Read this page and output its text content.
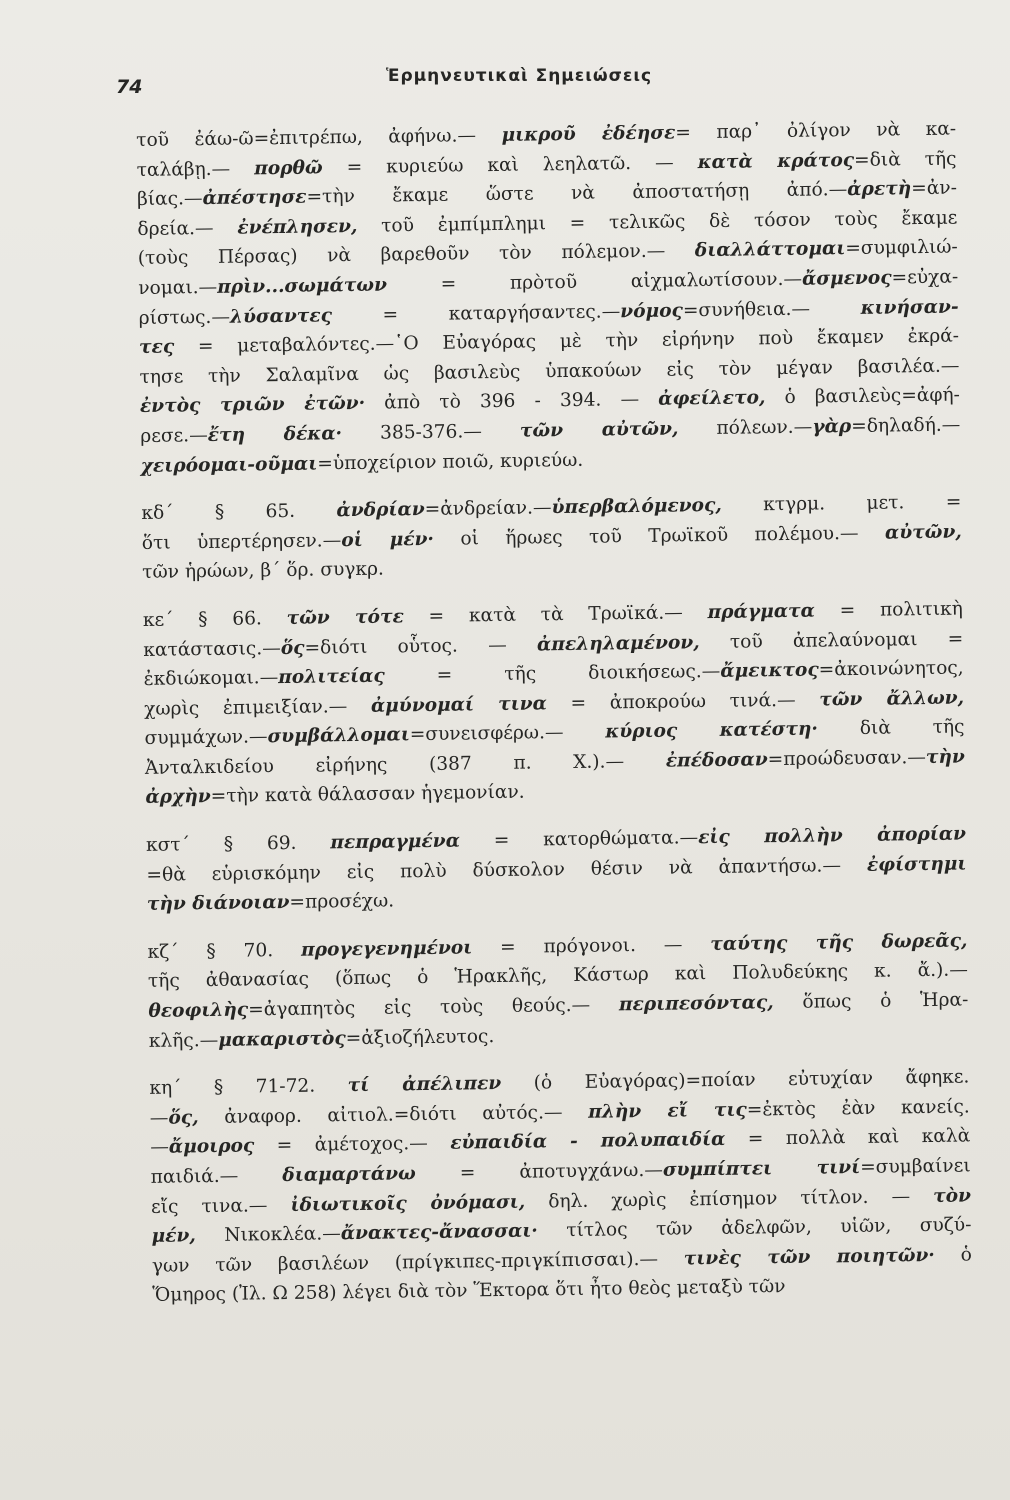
74	Ἑρμηνευτικαὶ Σημειώσεις
τοῦ ἐάω-ῶ=ἐπιτρέπω, ἀφήνω.— μικροῦ ἐδέησε= παρ᾽ ὀλίγον νὰ κα-
ταλάβῃ.— πορθῶ = κυριεύω καὶ λεηλατῶ. — κατὰ κράτος=διὰ τῆς
βίας.—ἀπέστησε=τὴν ἔκαμε ὥστε νὰ ἀποστατήσῃ ἀπό.—ἀρετὴ=ἀν-
δρεία.— ἐνέπλησεν, τοῦ ἐμπίμπλημι = τελικῶς δὲ τόσον τοὺς ἔκαμε
(τοὺς Πέρσας) νὰ βαρεθοῦν τὸν πόλεμον.— διαλλάττομαι=συμφιλιώ-
νομαι.—πρὶν...σωμάτων = πρὸτοῦ αἰχμαλωτίσουν.—ἄσμενος=εὐχα-
ρίστως.—λύσαντες = καταργήσαντες.—νόμος=συνήθεια.— κινήσαν-
τες = μεταβαλόντες.—῾Ο Εὐαγόρας μὲ τὴν εἰρήνην ποὺ ἔκαμεν ἐκρά-
τησε τὴν Σαλαμῖνα ὡς βασιλεὺς ὑπακούων εἰς τὸν μέγαν βασιλέα.—
ἐντὸς τριῶν ἐτῶν· ἀπὸ τὸ 396 - 394. — ἀφείλετο, ὁ βασιλεὺς=ἀφή-
ρεσε.—ἔτη δέκα· 385-376.— τῶν αὐτῶν, πόλεων.—γὰρ=δηλαδή.—
χειρόομαι-οῦμαι=ὑποχείριον ποιῶ, κυριεύω.
κδ΄ § 65. ἀνδρίαν=ἀνδρείαν.—ὑπερβαλόμενος, κτγρμ. μετ. =
ὅτι ὑπερτέρησεν.—οἱ μέν· οἱ ἥρωες τοῦ Τρωϊκοῦ πολέμου.— αὐτῶν,
τῶν ἡρώων, β΄ ὅρ. συγκρ.
κε΄ § 66. τῶν τότε = κατὰ τὰ Τρωϊκά.— πράγματα = πολιτικὴ
κατάστασις.—ὅς=διότι οὗτος. — ἀπεληλαμένον, τοῦ ἀπελαύνομαι =
ἐκδιώκομαι.—πολιτείας = τῆς διοικήσεως.—ἄμεικτος=ἀκοινώνητος,
χωρὶς ἐπιμειξίαν.— ἀμύνομαί τινα = ἀποκρούω τινά.— τῶν ἄλλων,
συμμάχων.—συμβάλλομαι=συνεισφέρω.— κύριος κατέστη· διὰ τῆς
Ἀνταλκιδείου εἰρήνης (387 π. Χ.).— ἐπέδοσαν=προώδευσαν.—τὴν
ἀρχὴν=τὴν κατὰ θάλασσαν ἡγεμονίαν.
κστ΄ § 69. πεπραγμένα = κατορθώματα.—εἰς πολλὴν ἀπορίαν
=θὰ εὑρισκόμην εἰς πολὺ δύσκολον θέσιν νὰ ἀπαντήσω.— ἐφίστημι
τὴν διάνοιαν=προσέχω.
κζ΄ § 70. προγεγενημένοι = πρόγονοι. — ταύτης τῆς δωρεᾶς,
τῆς ἀθανασίας (ὅπως ὁ Ἡρακλῆς, Κάστωρ καὶ Πολυδεύκης κ. ἄ.).—
θεοφιλὴς=ἀγαπητὸς εἰς τοὺς θεούς.— περιπεσόντας, ὅπως ὁ Ἡρα-
κλῆς.—μακαριστὸς=ἀξιοζήλευτος.
κη΄ § 71-72. τί ἀπέλιπεν (ὁ Εὐαγόρας)=ποίαν εὐτυχίαν ἄφηκε.
—ὅς, ἀναφορ. αἰτιολ.=διότι αὐτός.— πλὴν εἴ τις=ἐκτὸς ἐὰν κανείς.
—ἄμοιρος = ἀμέτοχος.— εὐπαιδία - πολυπαιδία = πολλὰ καὶ καλὰ
παιδιά.— διαμαρτάνω = ἀποτυγχάνω.—συμπίπτει τινί=συμβαίνει
εἴς τινα.— ἰδιωτικοῖς ὀνόμασι, δηλ. χωρὶς ἐπίσημον τίτλον. — τὸν
μέν, Νικοκλέα.—ἄνακτες-ἄνασσαι· τίτλος τῶν ἀδελφῶν, υἱῶν, συζύ-
γων τῶν βασιλέων (πρίγκιπες-πριγκίπισσαι).— τινὲς τῶν ποιητῶν· ὁ
Ὅμηρος (Ἰλ. Ω 258) λέγει διὰ τὸν Ἕκτορα ὅτι ἦτο θεὸς μεταξὺ τῶν
